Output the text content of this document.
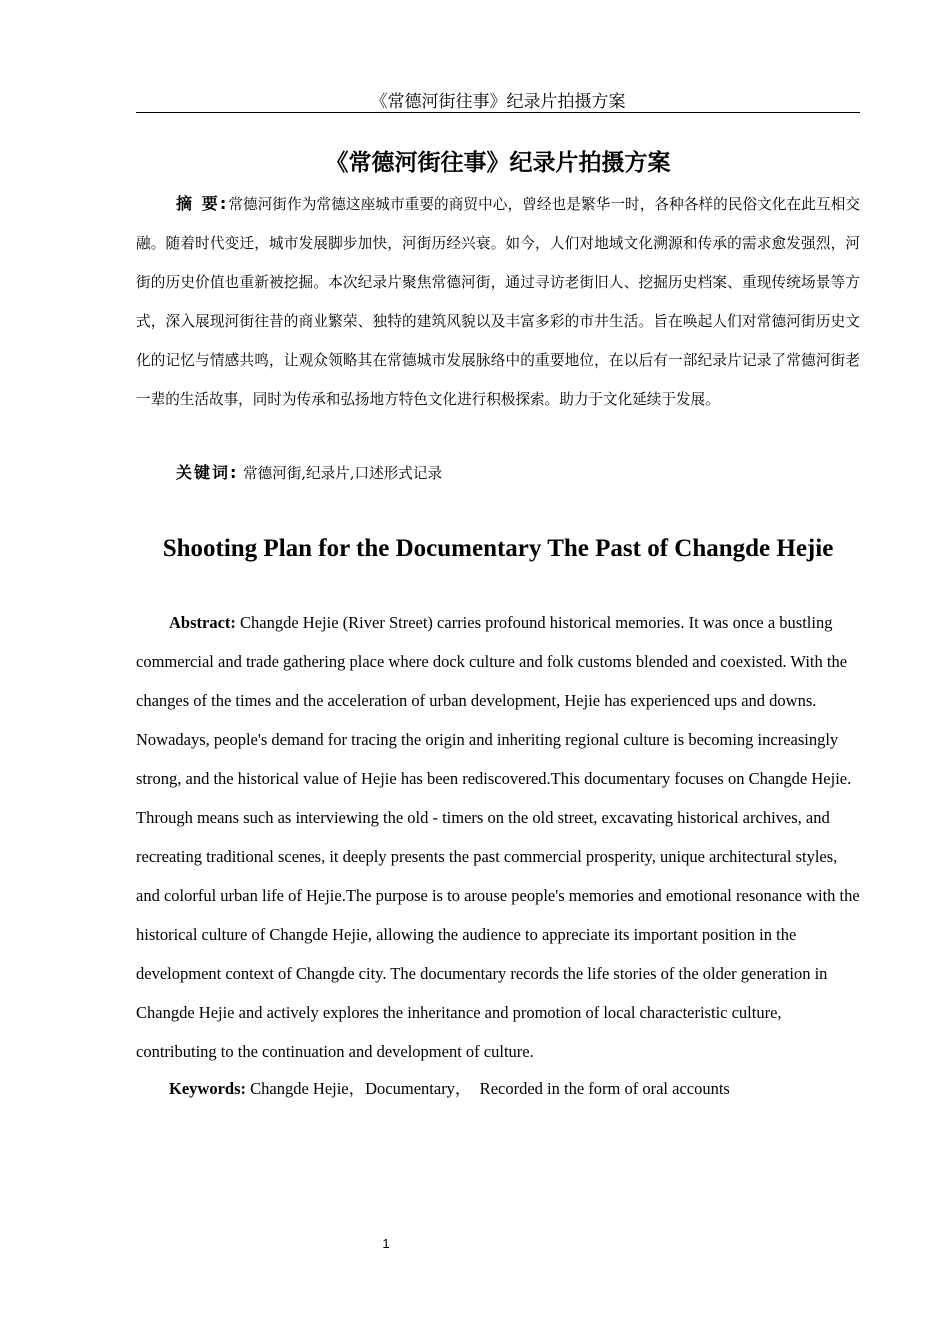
《常德河街往事》纪录片拍摄方案
《常德河街往事》纪录片拍摄方案

摘 要:常德河街作为常德这座城市重要的商贸中心，曾经也是繁华一时，各种各样的民俗文化在此互相交融。随着时代变迁，城市发展脚步加快，河街历经兴衰。如今，人们对地域文化溯源和传承的需求愈发强烈，河街的历史价值也重新被挖掘。本次纪录片聚焦常德河街，通过寻访老街旧人、挖掘历史档案、重现传统场景等方式，深入展现河街往昔的商业繁荣、独特的建筑风貌以及丰富多彩的市井生活。旨在唤起人们对常德河街历史文化的记忆与情感共鸣，让观众领略其在常德城市发展脉络中的重要地位，在以后有一部纪录片记录了常德河街老一辈的生活故事，同时为传承和弘扬地方特色文化进行积极探索。助力于文化延续于发展。

关键词: 常德河街,纪录片,口述形式记录

Shooting Plan for the Documentary The Past of Changde Hejie

Abstract: Changde Hejie (River Street) carries profound historical memories. It was once a bustling commercial and trade gathering place where dock culture and folk customs blended and coexisted. With the changes of the times and the acceleration of urban development, Hejie has experienced ups and downs. Nowadays, people's demand for tracing the origin and inheriting regional culture is becoming increasingly strong, and the historical value of Hejie has been rediscovered.This documentary focuses on Changde Hejie. Through means such as interviewing the old - timers on the old street, excavating historical archives, and recreating traditional scenes, it deeply presents the past commercial prosperity, unique architectural styles, and colorful urban life of Hejie.The purpose is to arouse people's memories and emotional resonance with the historical culture of Changde Hejie, allowing the audience to appreciate its important position in the development context of Changde city. The documentary records the life stories of the older generation in Changde Hejie and actively explores the inheritance and promotion of local characteristic culture, contributing to the continuation and development of culture.

Keywords: Changde Hejie，Documentary，　Recorded in the form of oral accounts

1
